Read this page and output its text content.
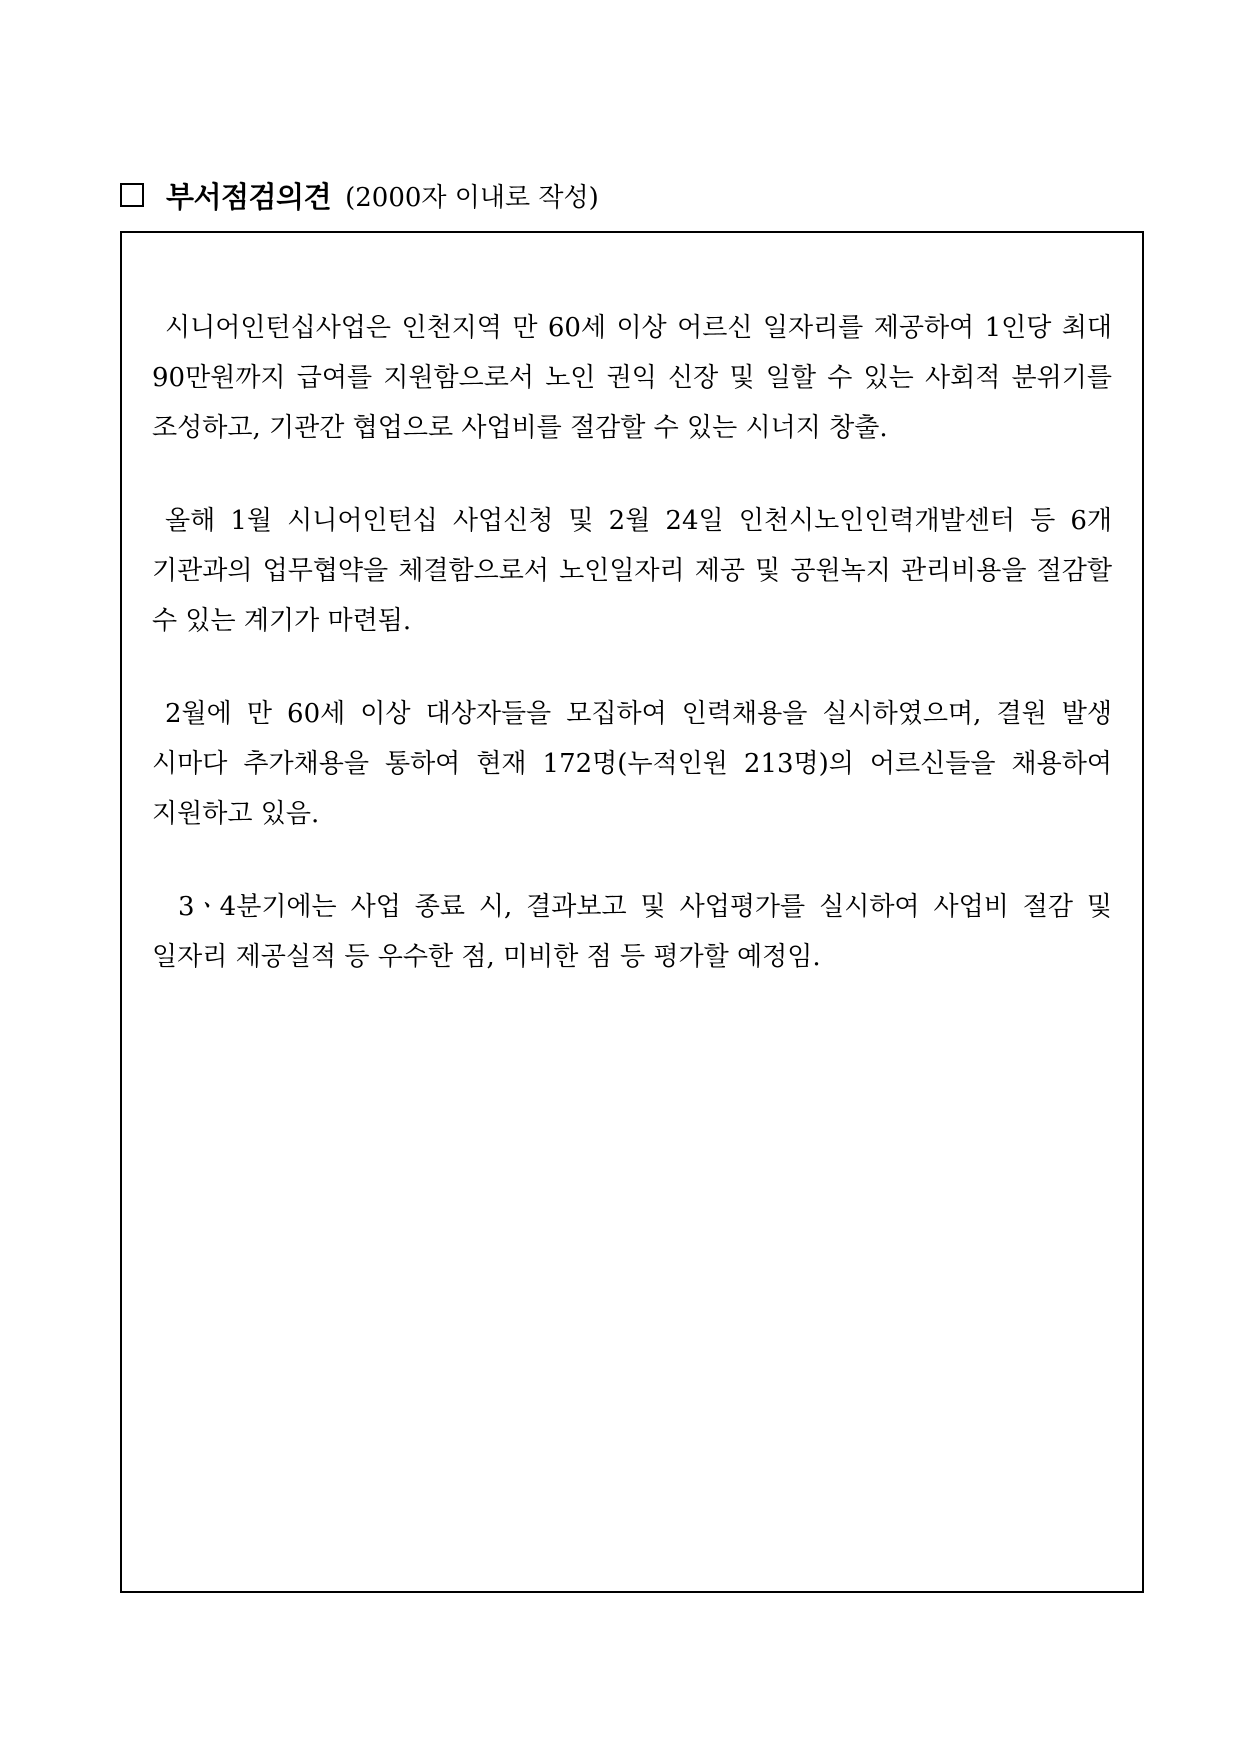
부서점검의견 (2000자 이내로 작성)

시니어인턴십사업은 인천지역 만 60세 이상 어르신 일자리를 제공하여 1인당 최대 90만원까지 급여를 지원함으로서 노인 권익 신장 및 일할 수 있는 사회적 분위기를 조성하고, 기관간 협업으로 사업비를 절감할 수 있는 시너지 창출.

올해 1월 시니어인턴십 사업신청 및 2월 24일 인천시노인인력개발센터 등 6개 기관과의 업무협약을 체결함으로서 노인일자리 제공 및 공원녹지 관리비용을 절감할 수 있는 계기가 마련됨.

2월에 만 60세 이상 대상자들을 모집하여 인력채용을 실시하였으며, 결원 발생 시마다 추가채용을 통하여 현재 172명(누적인원 213명)의 어르신들을 채용하여 지원하고 있음.

3ㆍ4분기에는 사업 종료 시, 결과보고 및 사업평가를 실시하여 사업비 절감 및 일자리 제공실적 등 우수한 점, 미비한 점 등 평가할 예정임.
